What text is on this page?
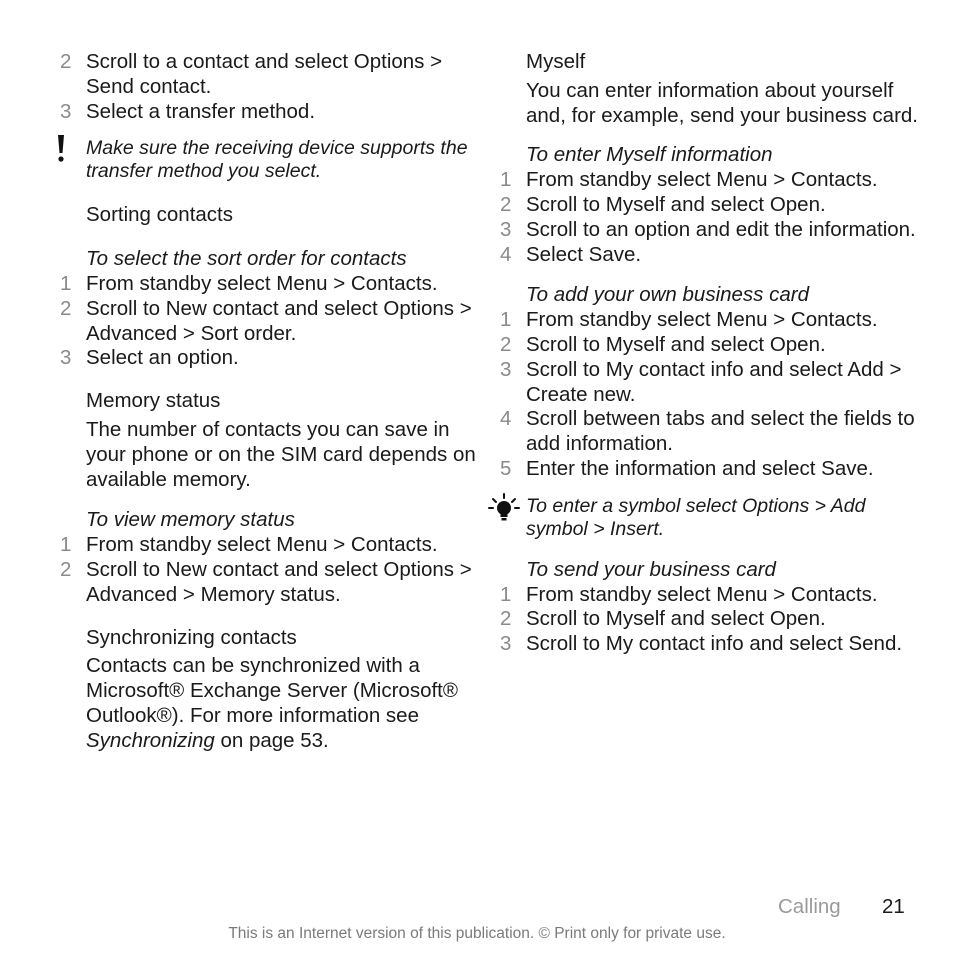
2 Scroll to a contact and select Options > Send contact.
3 Select a transfer method.
Make sure the receiving device supports the transfer method you select.
Sorting contacts
To select the sort order for contacts
1 From standby select Menu > Contacts.
2 Scroll to New contact and select Options > Advanced > Sort order.
3 Select an option.
Memory status
The number of contacts you can save in your phone or on the SIM card depends on available memory.
To view memory status
1 From standby select Menu > Contacts.
2 Scroll to New contact and select Options > Advanced > Memory status.
Synchronizing contacts
Contacts can be synchronized with a Microsoft® Exchange Server (Microsoft® Outlook®). For more information see Synchronizing on page 53.
Myself
You can enter information about yourself and, for example, send your business card.
To enter Myself information
1 From standby select Menu > Contacts.
2 Scroll to Myself and select Open.
3 Scroll to an option and edit the information.
4 Select Save.
To add your own business card
1 From standby select Menu > Contacts.
2 Scroll to Myself and select Open.
3 Scroll to My contact info and select Add > Create new.
4 Scroll between tabs and select the fields to add information.
5 Enter the information and select Save.
To enter a symbol select Options > Add symbol > Insert.
To send your business card
1 From standby select Menu > Contacts.
2 Scroll to Myself and select Open.
3 Scroll to My contact info and select Send.
Calling 21
This is an Internet version of this publication. © Print only for private use.
